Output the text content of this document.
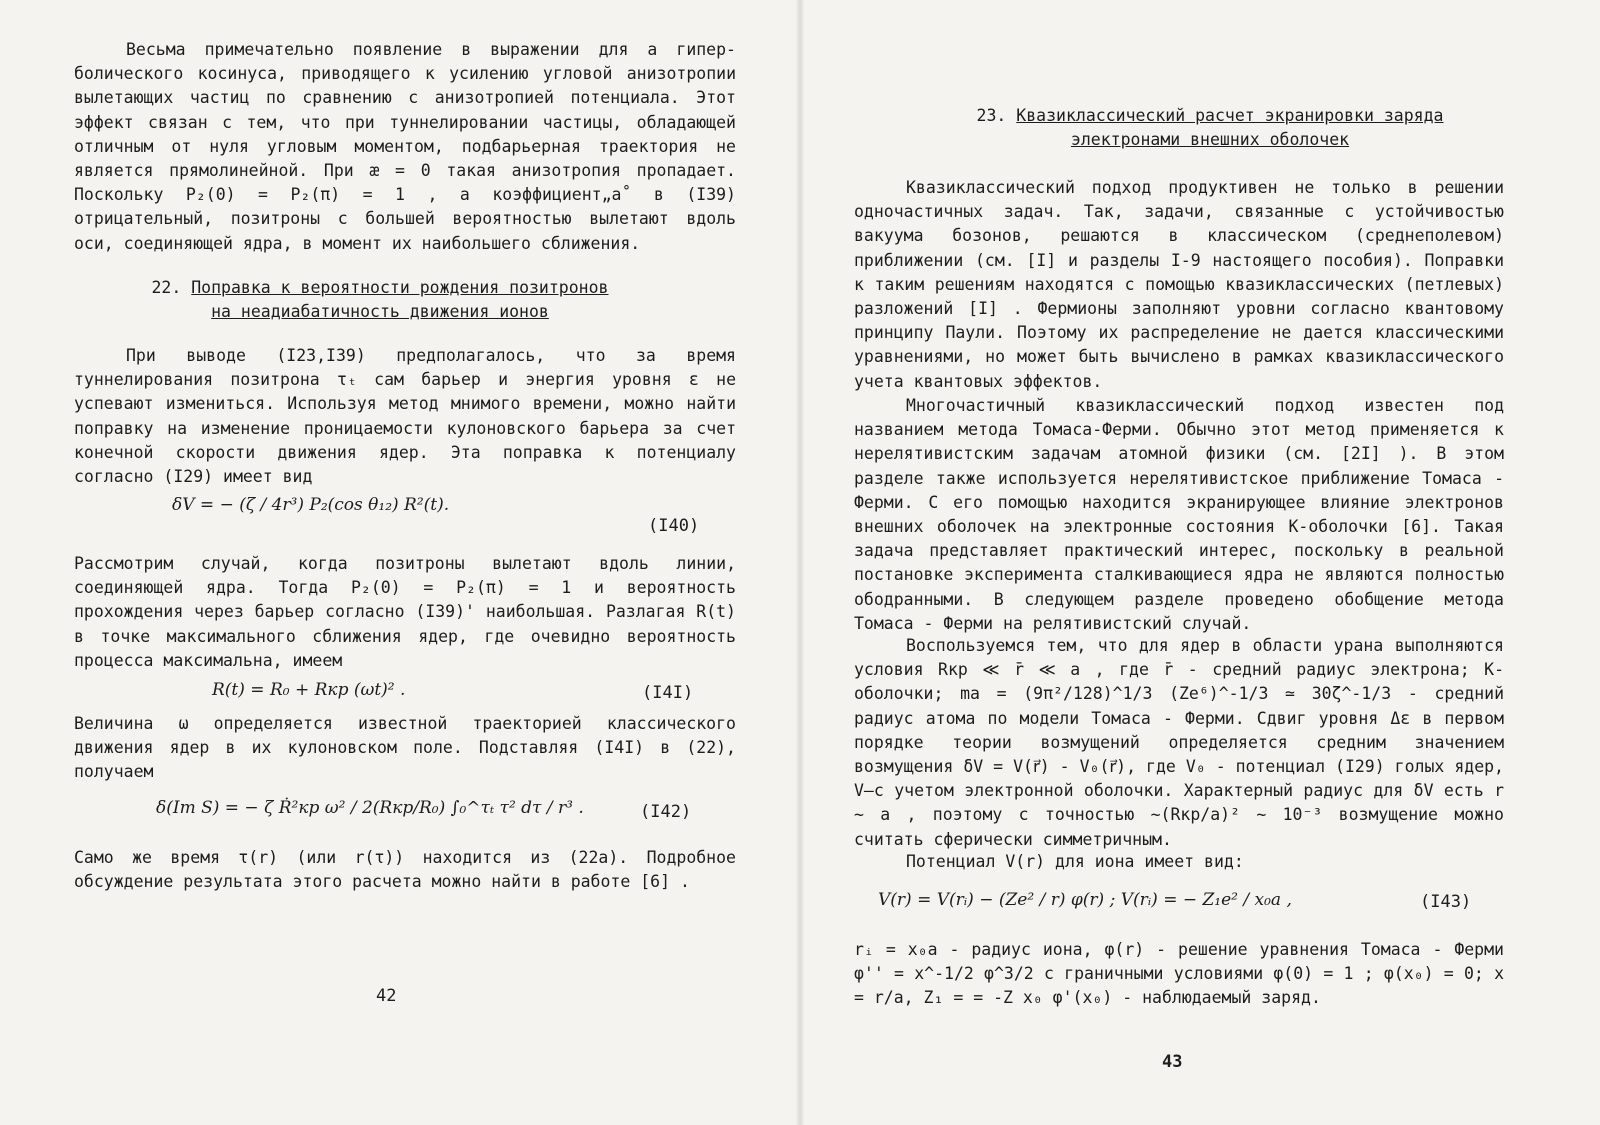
Весьма примечательно появление в выражении для a гипер-болического косинуса, приводящего к усилению угловой анизотропии вылетающих частиц по сравнению с анизотропией потенциала. Этот эффект связан с тем, что при туннелировании частицы, обладающей отличным от нуля угловым моментом, подбарьерная траектория не является прямолинейной. При æ = 0 такая анизотропия пропадает. Поскольку P₂(0) = P₂(π) = 1 , а коэффициент„a˚ в (I39) отрицательный, позитроны с большей вероятностью вылетают вдоль оси, соединяющей ядра, в момент их наибольшего сближения.

22. Поправка к вероятности рождения позитронов
на неадиабатичность движения ионов

При выводе (I23,I39) предполагалось, что за время туннелирования позитрона τₜ сам барьер и энергия уровня ε не успевают измениться. Используя метод мнимого времени, можно найти поправку на изменение проницаемости кулоновского барьера за счет конечной скорости движения ядер. Эта поправка к потенциалу согласно (I29) имеет вид

δV = − (ζ / 4r³) P₂(cos θ₁₂) R²(t).
(I40)

Рассмотрим случай, когда позитроны вылетают вдоль линии, соединяющей ядра. Тогда P₂(0) = P₂(π) = 1 и вероятность прохождения через барьер согласно (I39)' наибольшая. Разлагая R(t) в точке максимального сближения ядер, где очевидно вероятность процесса максимальна, имеем

R(t) = R₀ + Rкр (ωt)² .	(I4I)

Величина ω определяется известной траекторией классического движения ядер в их кулоновском поле. Подставляя (I4I) в (22), получаем

δ(Im S) = − ζ Ṙ²кр ω² / 2(Rкр/R₀) ∫₀^τₜ τ² dτ / r³ .	(I42)

Само же время τ(r) (или r(τ)) находится из (22а). Подробное обсуждение результата этого расчета можно найти в работе [6] .

42
23. Квазиклассический расчет экранировки заряда
электронами внешних оболочек

Квазиклассический подход продуктивен не только в решении одночастичных задач. Так, задачи, связанные с устойчивостью вакуума бозонов, решаются в классическом (среднеполевом) приближении (см. [I] и разделы I-9 настоящего пособия). Поправки к таким решениям находятся с помощью квазиклассических (петлевых) разложений [I] . Фермионы заполняют уровни согласно квантовому принципу Паули. Поэтому их распределение не дается классическими уравнениями, но может быть вычислено в рамках квазиклассического учета квантовых эффектов.

Многочастичный квазиклассический подход известен под названием метода Томаса-Ферми. Обычно этот метод применяется к нерелятивистским задачам атомной физики (см. [2I] ). В этом разделе также используется нерелятивистское приближение Томаса - Ферми. С его помощью находится экранирующее влияние электронов внешних оболочек на электронные состояния K-оболочки [6]. Такая задача представляет практический интерес, поскольку в реальной постановке эксперимента сталкивающиеся ядра не являются полностью ободранными. В следующем разделе проведено обобщение метода Томаса - Ферми на релятивистский случай.

Воспользуемся тем, что для ядер в области урана выполняются условия Rкр ≪ r̄ ≪ a , где r̄ - средний радиус электрона; K-оболочки; ma = (9π²/128)^1/3 (Ze⁶)^-1/3 ≃ 30ζ^-1/3 - средний радиус атома по модели Томаса - Ферми. Сдвиг уровня Δε в первом порядке теории возмущений определяется средним значением возмущения δV = V(r⃗) - V₀(r⃗), где V₀ - потенциал (I29) голых ядер, V—с учетом электронной оболочки. Характерный радиус для δV есть r ~ a , поэтому с точностью ~(Rкр/a)² ~ 10⁻³ возмущение можно считать сферически симметричным.

Потенциал V(r) для иона имеет вид:

V(r) = V(rᵢ) − (Ze² / r) φ(r) ; V(rᵢ) = − Z₁e² / x₀a ,	(I43)

rᵢ = x₀a - радиус иона, φ(r) - решение уравнения Томаса - Ферми φ'' = x^-1/2 φ^3/2 с граничными условиями φ(0) = 1 ; φ(x₀) = 0; x = r/a, Z₁ = = -Z x₀ φ'(x₀) - наблюдаемый заряд.

43
